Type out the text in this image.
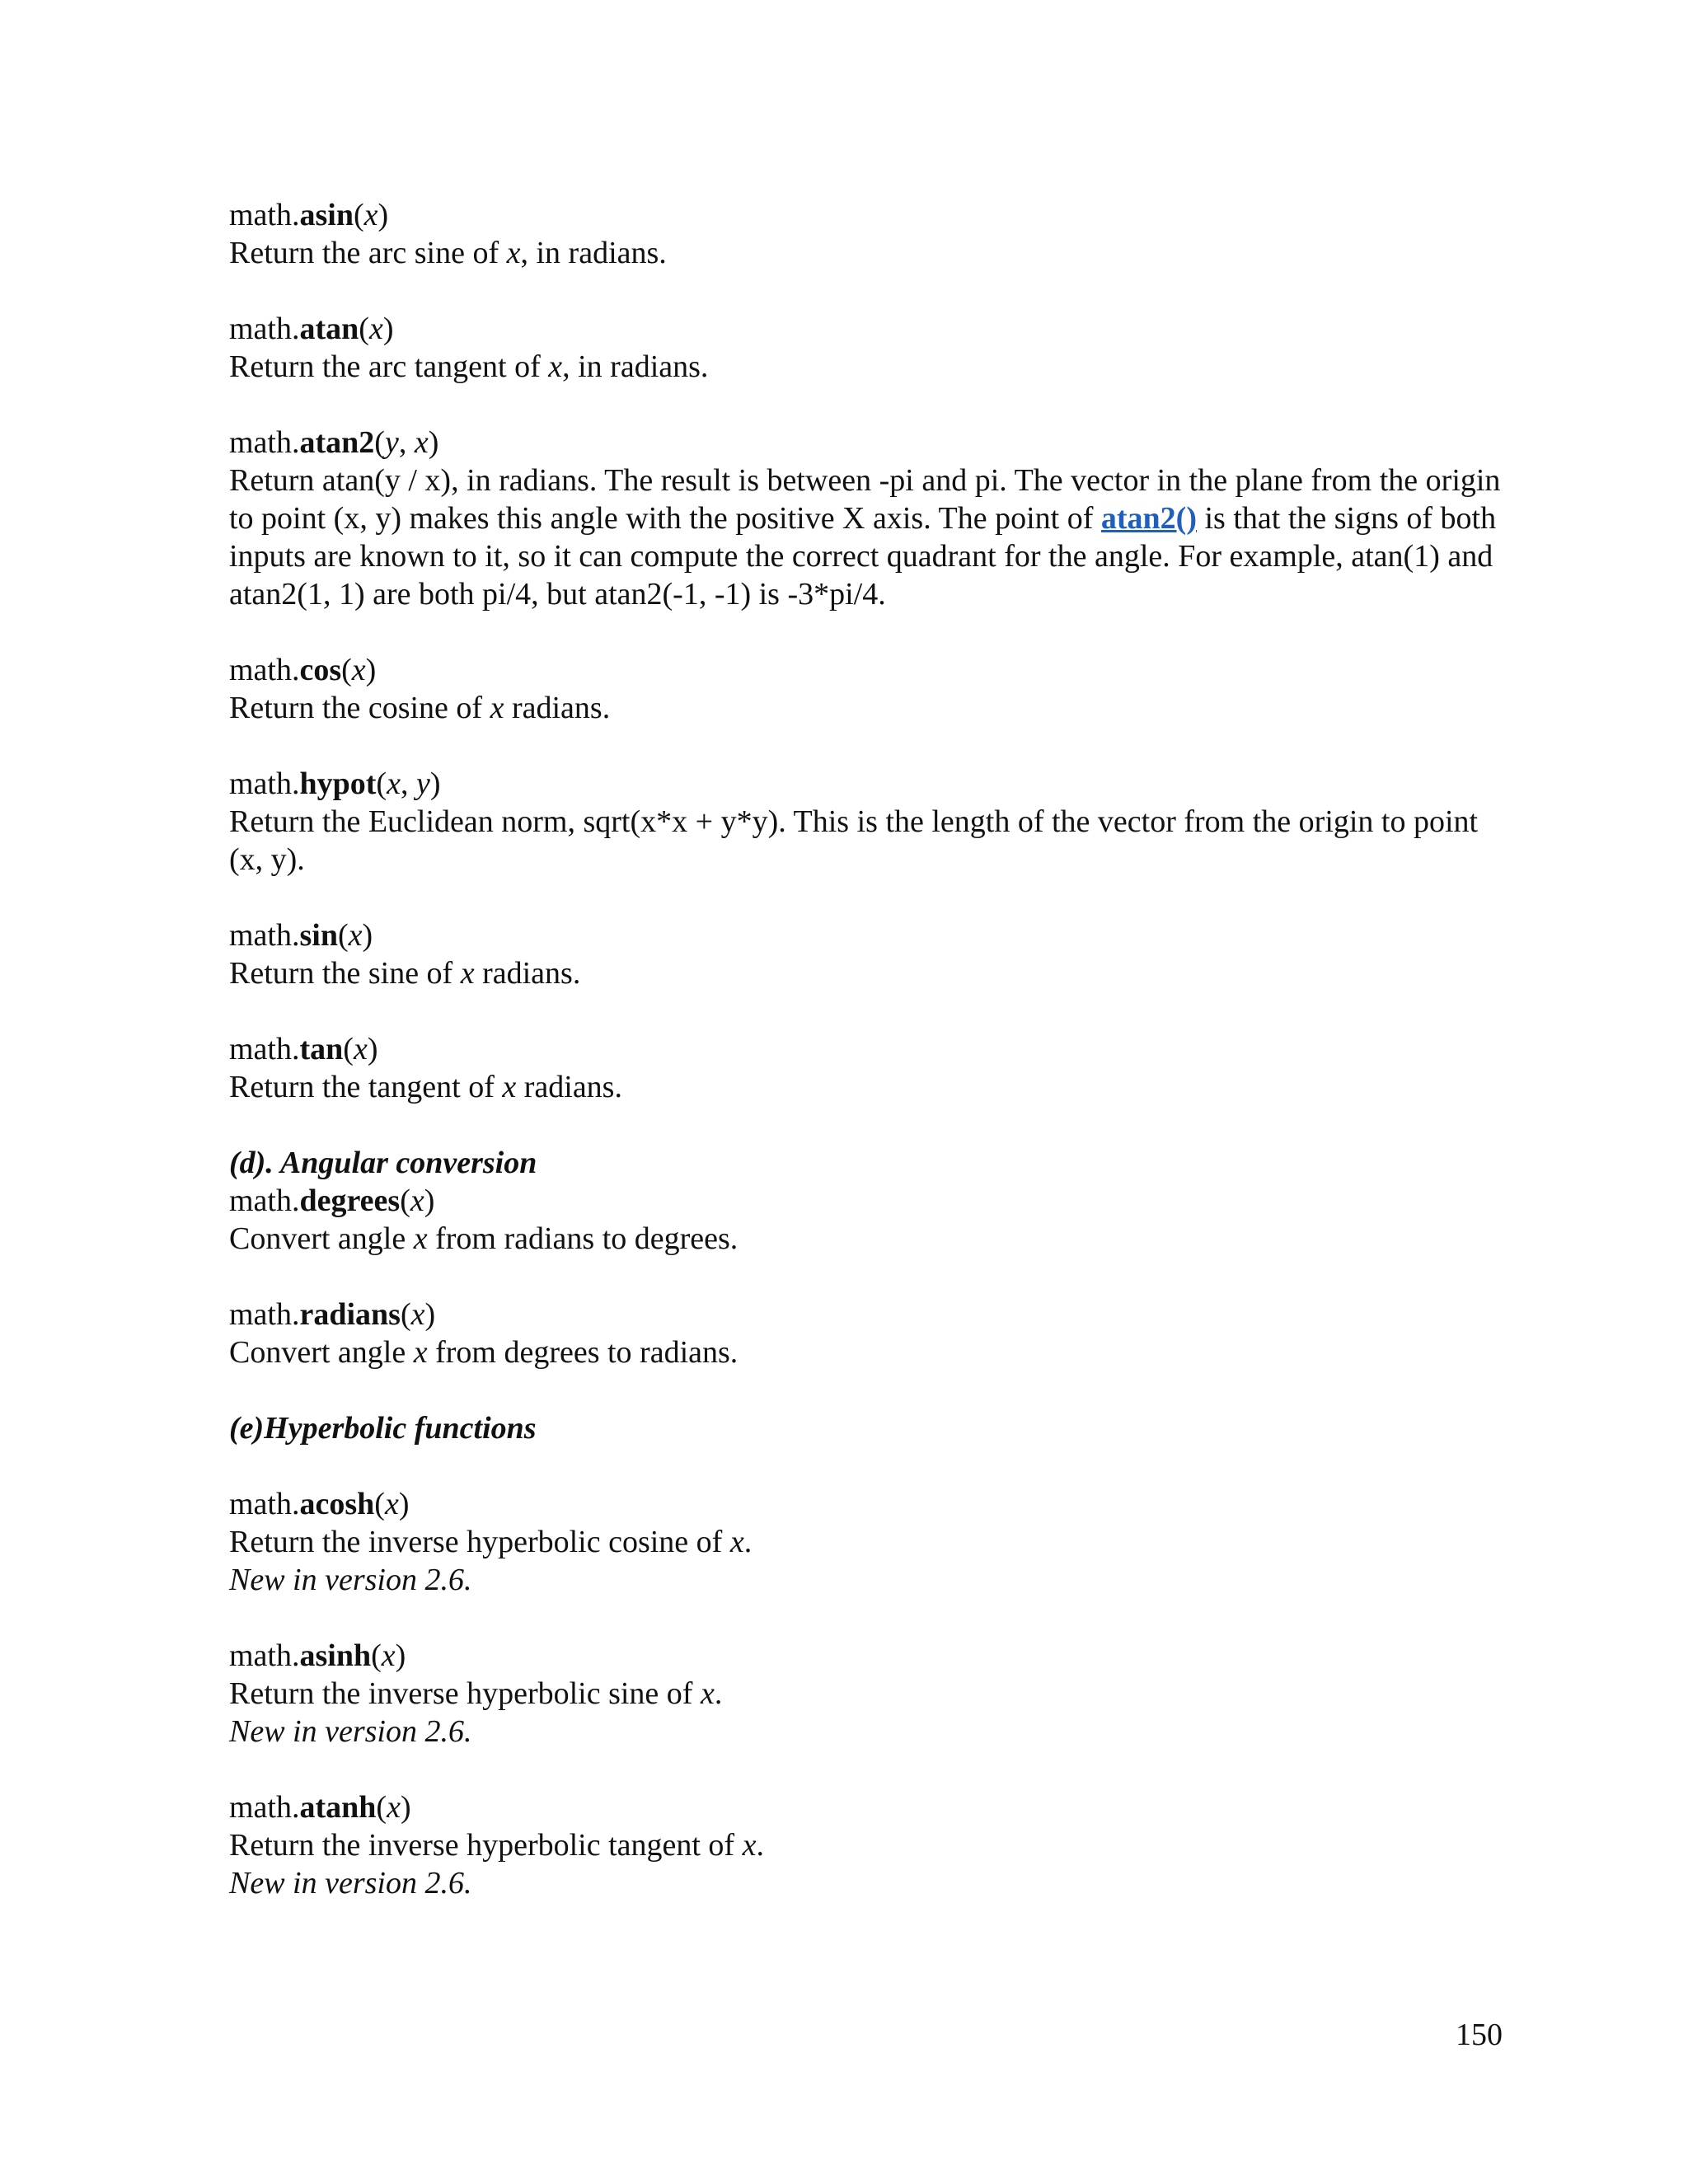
math.asin(x)

Return the arc sine of x, in radians.

math.atan(x)

Return the arc tangent of x, in radians.

math.atan2(y, x)

Return atan(y / x), in radians. The result is between -pi and pi. The vector in the plane from the origin to point (x, y) makes this angle with the positive X axis. The point of atan2() is that the signs of both inputs are known to it, so it can compute the correct quadrant for the angle. For example, atan(1) and atan2(1, 1) are both pi/4, but atan2(-1, -1) is -3*pi/4.

math.cos(x)

Return the cosine of x radians.

math.hypot(x, y)

Return the Euclidean norm, sqrt(x*x + y*y). This is the length of the vector from the origin to point (x, y).

math.sin(x)

Return the sine of x radians.

math.tan(x)

Return the tangent of x radians.

(d). Angular conversion

math.degrees(x)

Convert angle x from radians to degrees.

math.radians(x)

Convert angle x from degrees to radians.

(e)Hyperbolic functions

math.acosh(x)

Return the inverse hyperbolic cosine of x.

New in version 2.6.

math.asinh(x)

Return the inverse hyperbolic sine of x.

New in version 2.6.

math.atanh(x)

Return the inverse hyperbolic tangent of x.

New in version 2.6.

150
